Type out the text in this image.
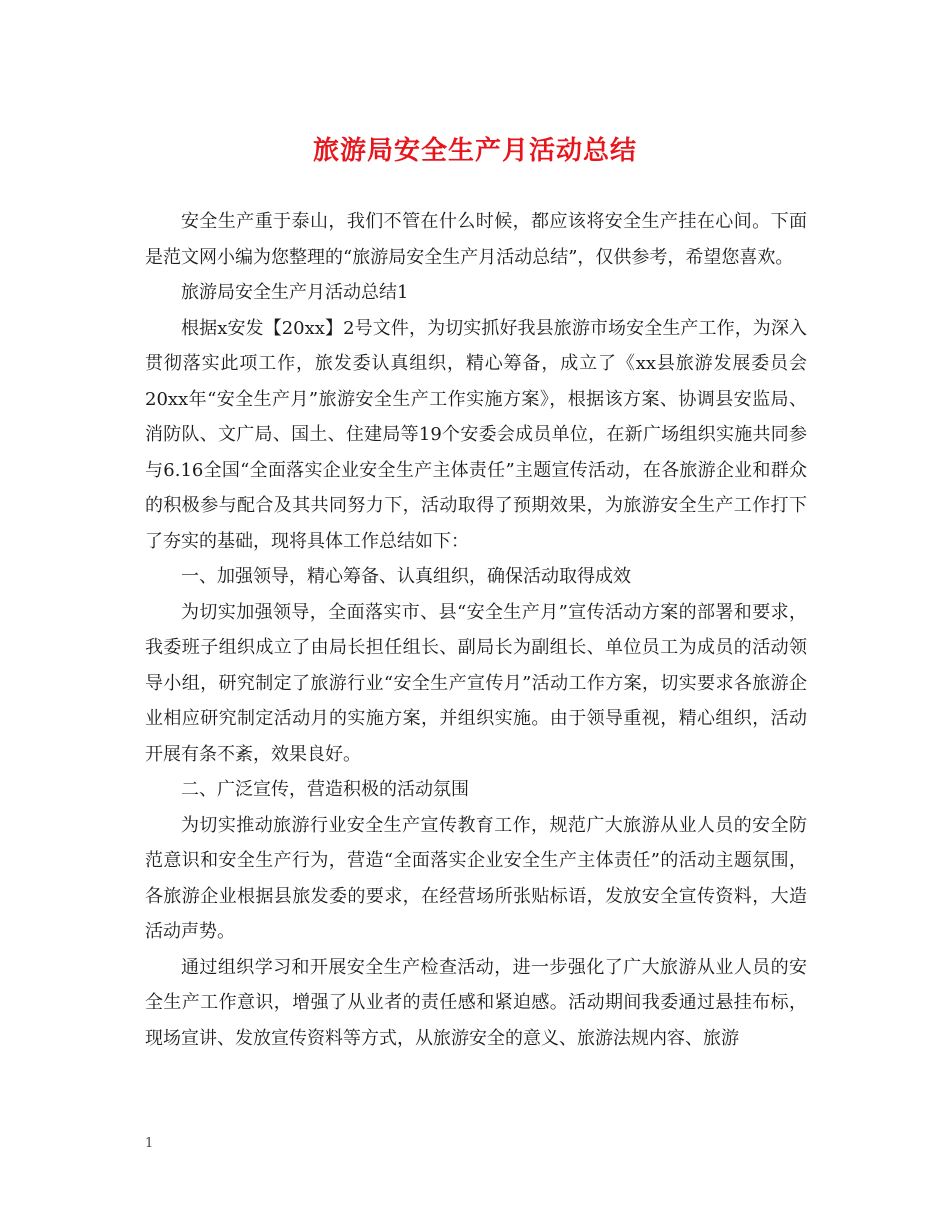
旅游局安全生产月活动总结

安全生产重于泰山，我们不管在什么时候，都应该将安全生产挂在心间。下面是范文网小编为您整理的“旅游局安全生产月活动总结”，仅供参考，希望您喜欢。

旅游局安全生产月活动总结1

根据x安发【20xx】2号文件，为切实抓好我县旅游市场安全生产工作，为深入贯彻落实此项工作，旅发委认真组织，精心筹备，成立了《xx县旅游发展委员会20xx年“安全生产月”旅游安全生产工作实施方案》，根据该方案、协调县安监局、消防队、文广局、国土、住建局等19个安委会成员单位，在新广场组织实施共同参与6.16全国“全面落实企业安全生产主体责任”主题宣传活动，在各旅游企业和群众的积极参与配合及其共同努力下，活动取得了预期效果，为旅游安全生产工作打下了夯实的基础，现将具体工作总结如下：

一、加强领导，精心筹备、认真组织，确保活动取得成效

为切实加强领导，全面落实市、县“安全生产月”宣传活动方案的部署和要求，我委班子组织成立了由局长担任组长、副局长为副组长、单位员工为成员的活动领导小组，研究制定了旅游行业“安全生产宣传月”活动工作方案，切实要求各旅游企业相应研究制定活动月的实施方案，并组织实施。由于领导重视，精心组织，活动开展有条不紊，效果良好。

二、广泛宣传，营造积极的活动氛围

为切实推动旅游行业安全生产宣传教育工作，规范广大旅游从业人员的安全防范意识和安全生产行为，营造“全面落实企业安全生产主体责任”的活动主题氛围，各旅游企业根据县旅发委的要求，在经营场所张贴标语，发放安全宣传资料，大造活动声势。

通过组织学习和开展安全生产检查活动，进一步强化了广大旅游从业人员的安全生产工作意识，增强了从业者的责任感和紧迫感。活动期间我委通过悬挂布标，现场宣讲、发放宣传资料等方式，从旅游安全的意义、旅游法规内容、旅游

1
